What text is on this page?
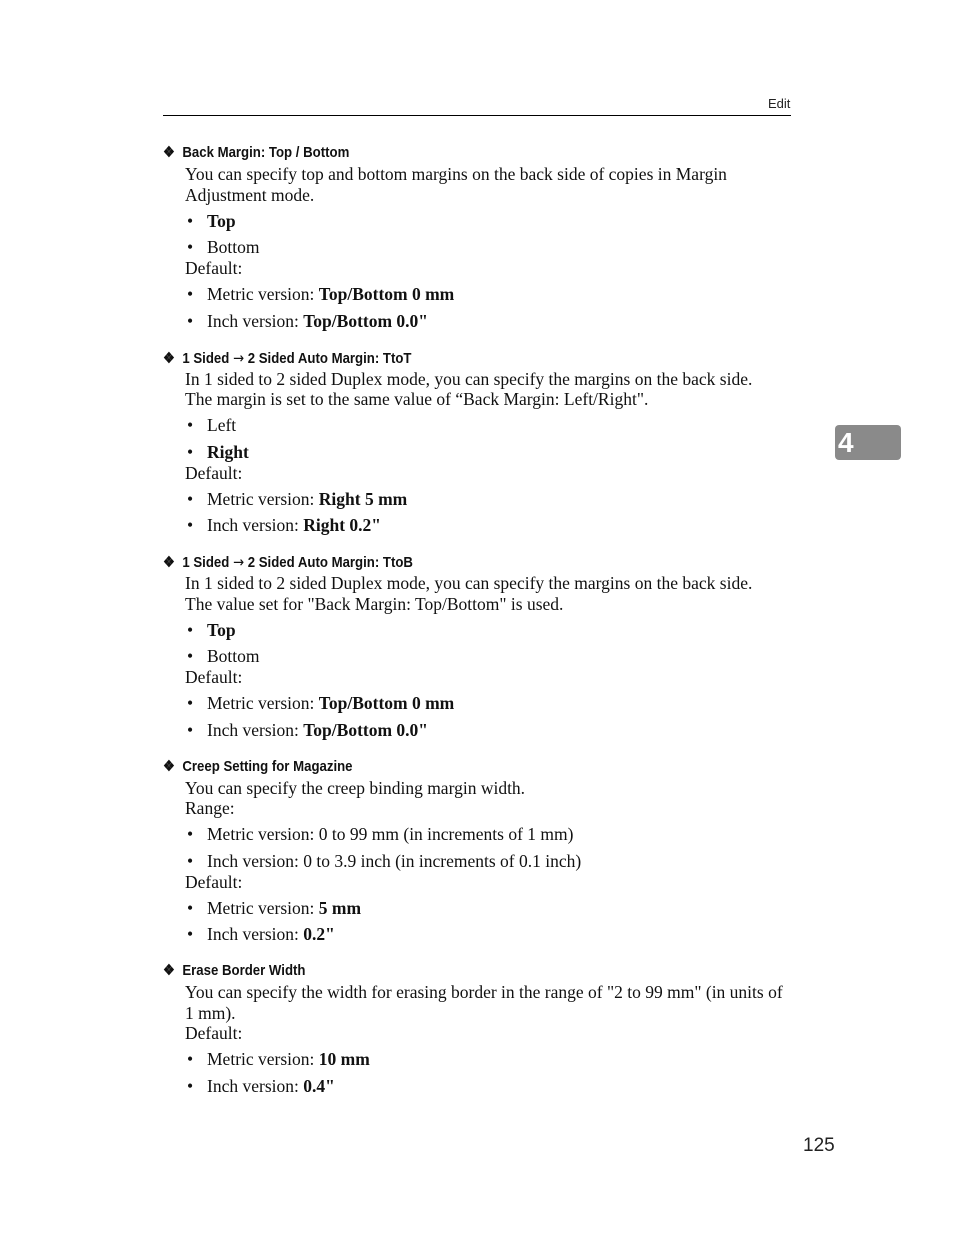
Edit
4
❖ Back Margin: Top / Bottom
You can specify top and bottom margins on the back side of copies in Margin Adjustment mode.
• Top
• Bottom
Default:
• Metric version: Top/Bottom 0 mm
• Inch version: Top/Bottom 0.0"
❖ 1 Sided → 2 Sided Auto Margin: TtoT
In 1 sided to 2 sided Duplex mode, you can specify the margins on the back side.
The margin is set to the same value of “Back Margin: Left/Right".
• Left
• Right
Default:
• Metric version: Right 5 mm
• Inch version: Right 0.2"
❖ 1 Sided → 2 Sided Auto Margin: TtoB
In 1 sided to 2 sided Duplex mode, you can specify the margins on the back side.
The value set for "Back Margin: Top/Bottom" is used.
• Top
• Bottom
Default:
• Metric version: Top/Bottom 0 mm
• Inch version: Top/Bottom 0.0"
❖ Creep Setting for Magazine
You can specify the creep binding margin width.
Range:
• Metric version: 0 to 99 mm (in increments of 1 mm)
• Inch version: 0 to 3.9 inch (in increments of 0.1 inch)
Default:
• Metric version: 5 mm
• Inch version: 0.2"
❖ Erase Border Width
You can specify the width for erasing border in the range of "2 to 99 mm" (in units of 1 mm).
Default:
• Metric version: 10 mm
• Inch version: 0.4"
125
